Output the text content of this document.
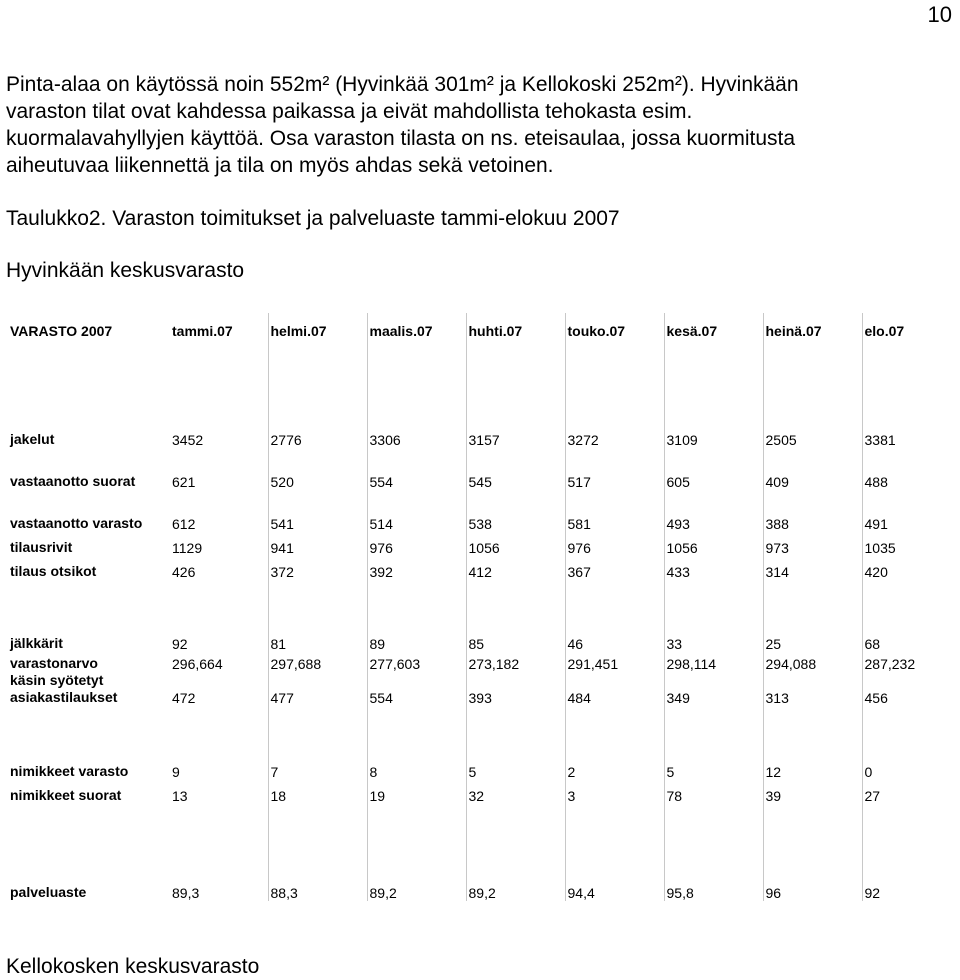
10
Pinta-alaa on käytössä noin 552m² (Hyvinkää 301m² ja Kellokoski 252m²). Hyvinkään
varaston tilat ovat kahdessa paikassa ja eivät mahdollista tehokasta esim.
kuormalavahyllyjen käyttöä. Osa varaston tilasta on ns. eteisaulaa, jossa kuormitusta
aiheutuvaa liikennettä ja tila on myös ahdas sekä vetoinen.
Taulukko2. Varaston toimitukset ja palveluaste tammi-elokuu 2007
Hyvinkään keskusvarasto
VARASTO 2007	tammi.07	helmi.07	maalis.07	huhti.07	touko.07	kesä.07	heinä.07	elo.07

jakelut	3452	2776	3306	3157	3272	3109	2505	3381

vastaanotto suorat	621	520	554	545	517	605	409	488

vastaanotto varasto	612	541	514	538	581	493	388	491

tilausrivit	1129	941	976	1056	976	1056	973	1035

tilaus otsikot	426	372	392	412	367	433	314	420

jälkkärit	92	81	89	85	46	33	25	68

varastonarvo	296,664	297,688	277,603	273,182	291,451	298,114	294,088	287,232

käsin syötetyt
asiakastilaukset	472	477	554	393	484	349	313	456

nimikkeet varasto	9	7	8	5	2	5	12	0

nimikkeet suorat	13	18	19	32	3	78	39	27

palveluaste	89,3	88,3	89,2	89,2	94,4	95,8	96	92
Kellokosken keskusvarasto
